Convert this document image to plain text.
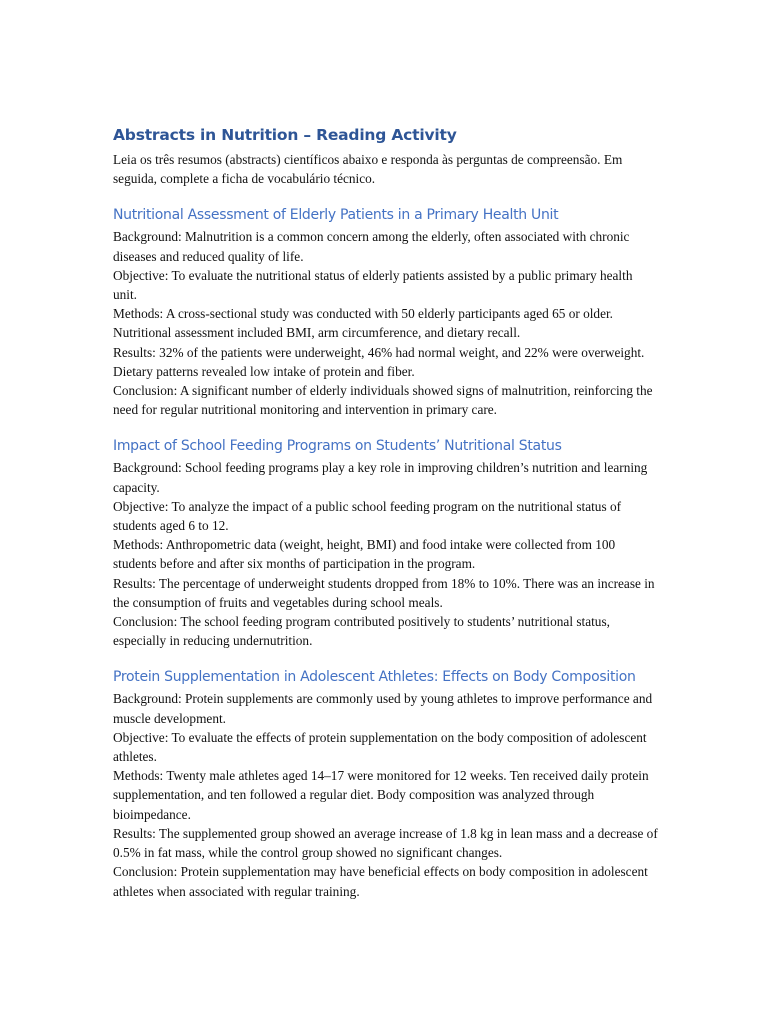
Abstracts in Nutrition – Reading Activity

Leia os três resumos (abstracts) científicos abaixo e responda às perguntas de compreensão. Em seguida, complete a ficha de vocabulário técnico.

Nutritional Assessment of Elderly Patients in a Primary Health Unit

Background: Malnutrition is a common concern among the elderly, often associated with chronic diseases and reduced quality of life.

Objective: To evaluate the nutritional status of elderly patients assisted by a public primary health unit.

Methods: A cross-sectional study was conducted with 50 elderly participants aged 65 or older. Nutritional assessment included BMI, arm circumference, and dietary recall.

Results: 32% of the patients were underweight, 46% had normal weight, and 22% were overweight. Dietary patterns revealed low intake of protein and fiber.

Conclusion: A significant number of elderly individuals showed signs of malnutrition, reinforcing the need for regular nutritional monitoring and intervention in primary care.

Impact of School Feeding Programs on Students’ Nutritional Status

Background: School feeding programs play a key role in improving children’s nutrition and learning capacity.

Objective: To analyze the impact of a public school feeding program on the nutritional status of students aged 6 to 12.

Methods: Anthropometric data (weight, height, BMI) and food intake were collected from 100 students before and after six months of participation in the program.

Results: The percentage of underweight students dropped from 18% to 10%. There was an increase in the consumption of fruits and vegetables during school meals.

Conclusion: The school feeding program contributed positively to students’ nutritional status, especially in reducing undernutrition.

Protein Supplementation in Adolescent Athletes: Effects on Body Composition

Background: Protein supplements are commonly used by young athletes to improve performance and muscle development.

Objective: To evaluate the effects of protein supplementation on the body composition of adolescent athletes.

Methods: Twenty male athletes aged 14–17 were monitored for 12 weeks. Ten received daily protein supplementation, and ten followed a regular diet. Body composition was analyzed through bioimpedance.

Results: The supplemented group showed an average increase of 1.8 kg in lean mass and a decrease of 0.5% in fat mass, while the control group showed no significant changes.

Conclusion: Protein supplementation may have beneficial effects on body composition in adolescent athletes when associated with regular training.
